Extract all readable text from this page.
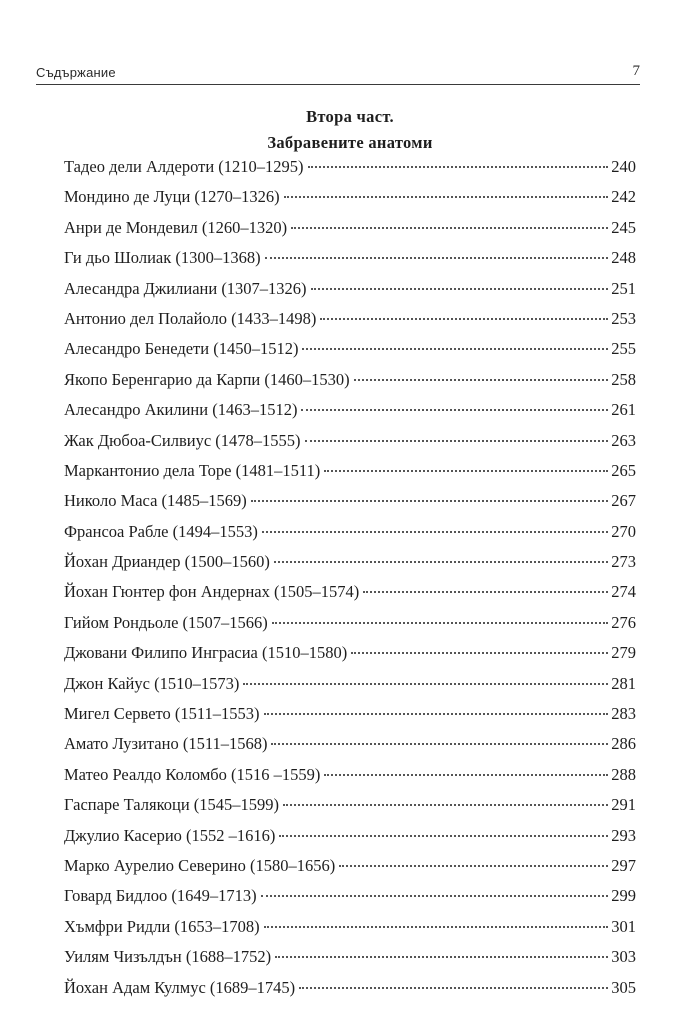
Съдържание	7
Втора част.
Забравените анатоми
Тадео дели Алдероти (1210–1295)	240
Мондино де Луци (1270–1326)	242
Анри де Мондевил (1260–1320)	245
Ги дьо Шолиак (1300–1368)	248
Алесандра Джилиани (1307–1326)	251
Антонио дел Полайоло (1433–1498)	253
Алесандро Бенедети (1450–1512)	255
Якопо Беренгарио да Карпи (1460–1530)	258
Алесандро Акилини (1463–1512)	261
Жак Дюбоа-Силвиус (1478–1555)	263
Маркантонио дела Торе (1481–1511)	265
Николо Маса (1485–1569)	267
Франсоа Рабле (1494–1553)	270
Йохан Дриандер (1500–1560)	273
Йохан Гюнтер фон Андернах (1505–1574)	274
Гийом Рондьоле (1507–1566)	276
Джовани Филипо Инграсиа (1510–1580)	279
Джон Кайус (1510–1573)	281
Мигел Сервето (1511–1553)	283
Амато Лузитано (1511–1568)	286
Матео Реалдо Коломбо (1516 –1559)	288
Гаспаре Талякоци (1545–1599)	291
Джулио Касерио (1552 –1616)	293
Марко Аурелио Северино (1580–1656)	297
Говард Бидлоо (1649–1713)	299
Хъмфри Ридли (1653–1708)	301
Уилям Чизълдън (1688–1752)	303
Йохан Адам Кулмус (1689–1745)	305
